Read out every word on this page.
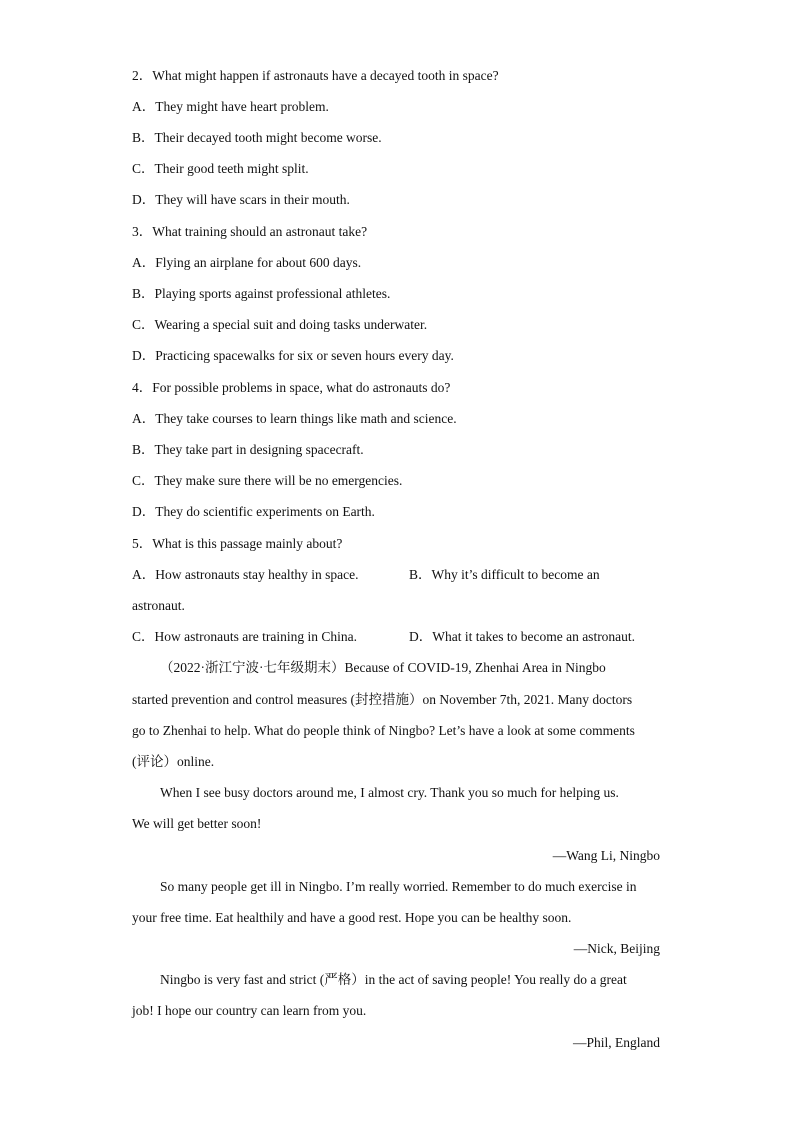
2．What might happen if astronauts have a decayed tooth in space?
A．They might have heart problem.
B．Their decayed tooth might become worse.
C．Their good teeth might split.
D．They will have scars in their mouth.
3．What training should an astronaut take?
A．Flying an airplane for about 600 days.
B．Playing sports against professional athletes.
C．Wearing a special suit and doing tasks underwater.
D．Practicing spacewalks for six or seven hours every day.
4．For possible problems in space, what do astronauts do?
A．They take courses to learn things like math and science.
B．They take part in designing spacecraft.
C．They make sure there will be no emergencies.
D．They do scientific experiments on Earth.
5．What is this passage mainly about?
A．How astronauts stay healthy in space.	B．Why it’s difficult to become an
astronaut.
C．How astronauts are training in China.	D．What it takes to become an astronaut.
（2022·浙江宁波·七年级期末）Because of COVID-19, Zhenhai Area in Ningbo
started prevention and control measures (封控措施）on November 7th, 2021. Many doctors
go to Zhenhai to help. What do people think of Ningbo? Let’s have a look at some comments
(评论）online.
When I see busy doctors around me, I almost cry. Thank you so much for helping us.
We will get better soon!
—Wang Li, Ningbo
So many people get ill in Ningbo. I’m really worried. Remember to do much exercise in
your free time. Eat healthily and have a good rest. Hope you can be healthy soon.
—Nick, Beijing
Ningbo is very fast and strict (严格）in the act of saving people! You really do a great
job! I hope our country can learn from you.
—Phil, England
